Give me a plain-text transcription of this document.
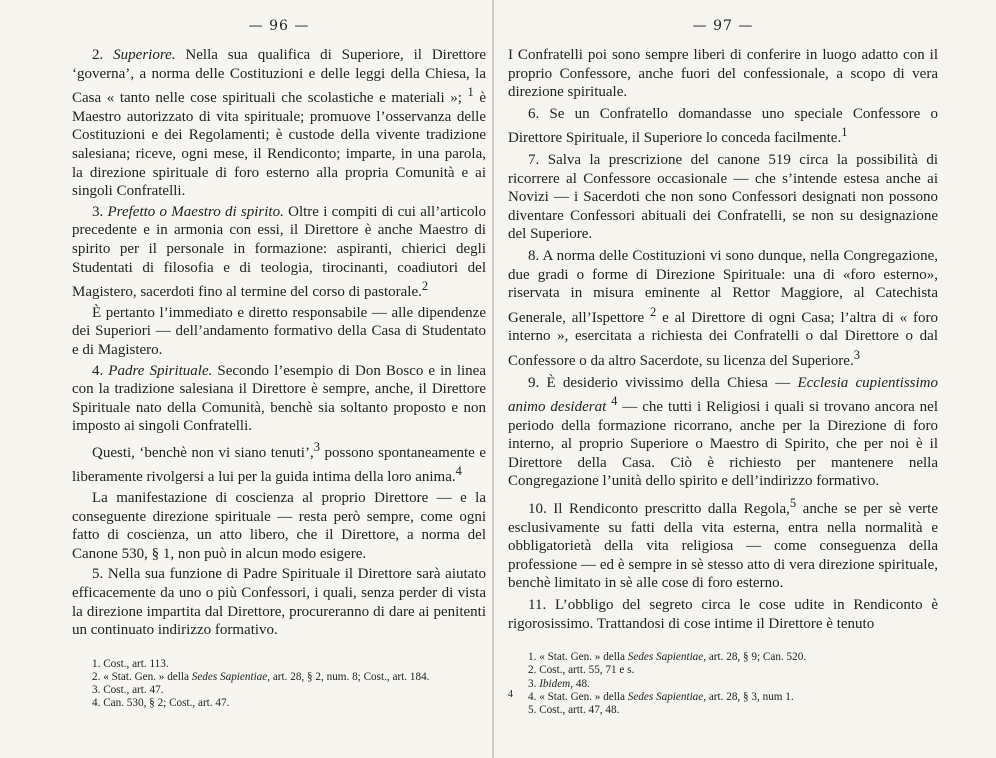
— 96 —

2. Superiore. Nella sua qualifica di Superiore, il Direttore ‘governa’, a norma delle Costituzioni e delle leggi della Chiesa, la Casa « tanto nelle cose spirituali che scolastiche e materiali »; $^1$ è Maestro autorizzato di vita spirituale; promuove l’osservanza delle Costituzioni e dei Regolamenti; è custode della vivente tradizione salesiana; riceve, ogni mese, il Rendiconto; imparte, in una parola, la direzione spirituale di foro esterno alla propria Comunità e ai singoli Confratelli.

3. Prefetto o Maestro di spirito. Oltre i compiti di cui all’articolo precedente e in armonia con essi, il Direttore è anche Maestro di spirito per il personale in formazione: aspiranti, chierici degli Studentati di filosofia e di teologia, tirocinanti, coadiutori del Magistero, sacerdoti fino al termine del corso di pastorale.$^2$

È pertanto l’immediato e diretto responsabile — alle dipendenze dei Superiori — dell’andamento formativo della Casa di Studentato e di Magistero.

4. Padre Spirituale. Secondo l’esempio di Don Bosco e in linea con la tradizione salesiana il Direttore è sempre, anche, il Direttore Spirituale nato della Comunità, benchè sia soltanto proposto e non imposto ai singoli Confratelli.

Questi, ‘benchè non vi siano tenuti’,$^3$ possono spontaneamente e liberamente rivolgersi a lui per la guida intima della loro anima.$^4$

La manifestazione di coscienza al proprio Direttore — e la conseguente direzione spirituale — resta però sempre, come ogni fatto di coscienza, un atto libero, che il Direttore, a norma del Canone 530, § 1, non può in alcun modo esigere.

5. Nella sua funzione di Padre Spirituale il Direttore sarà aiutato efficacemente da uno o più Confessori, i quali, senza perder di vista la direzione impartita dal Direttore, procureranno di dare ai penitenti un continuato indirizzo formativo.

1. Cost., art. 113.
2. « Stat. Gen. » della Sedes Sapientiae, art. 28, § 2, num. 8; Cost., art. 184.
3. Cost., art. 47.
4. Can. 530, § 2; Cost., art. 47.
— 97 —

I Confratelli poi sono sempre liberi di conferire in luogo adatto con il proprio Confessore, anche fuori del confessionale, a scopo di vera direzione spirituale.

6. Se un Confratello domandasse uno speciale Confessore o Direttore Spirituale, il Superiore lo conceda facilmente.$^1$

7. Salva la prescrizione del canone 519 circa la possibilità di ricorrere al Confessore occasionale — che s’intende estesa anche ai Novizi — i Sacerdoti che non sono Confessori designati non possono diventare Confessori abituali dei Confratelli, se non su designazione del Superiore.

8. A norma delle Costituzioni vi sono dunque, nella Congregazione, due gradi o forme di Direzione Spirituale: una di «foro esterno», riservata in misura eminente al Rettor Maggiore, al Catechista Generale, all’Ispettore $^2$ e al Direttore di ogni Casa; l’altra di « foro interno », esercitata a richiesta dei Confratelli o dal Direttore o dal Confessore o da altro Sacerdote, su licenza del Superiore.$^3$

9. È desiderio vivissimo della Chiesa — Ecclesia cupientissimo animo desiderat $^4$ — che tutti i Religiosi i quali si trovano ancora nel periodo della formazione ricorrano, anche per la Direzione di foro interno, al proprio Superiore o Maestro di Spirito, che per noi è il Direttore della Casa. Ciò è richiesto per mantenere nella Congregazione l’unità dello spirito e dell’indirizzo formativo.

10. Il Rendiconto prescritto dalla Regola,$^5$ anche se per sè verte esclusivamente su fatti della vita esterna, entra nella normalità e obbligatorietà della vita religiosa — come conseguenza della professione — ed è sempre in sè stesso atto di vera direzione spirituale, benchè limitato in sè alle cose di foro esterno.

11. L’obbligo del segreto circa le cose udite in Rendiconto è rigorosissimo. Trattandosi di cose intime il Direttore è tenuto

1. « Stat. Gen. » della Sedes Sapientiae, art. 28, § 9; Can. 520.
2. Cost., artt. 55, 71 e s.
3. Ibidem, 48.
4. « Stat. Gen. » della Sedes Sapientiae, art. 28, § 3, num 1.
5. Cost., artt. 47, 48.
4
